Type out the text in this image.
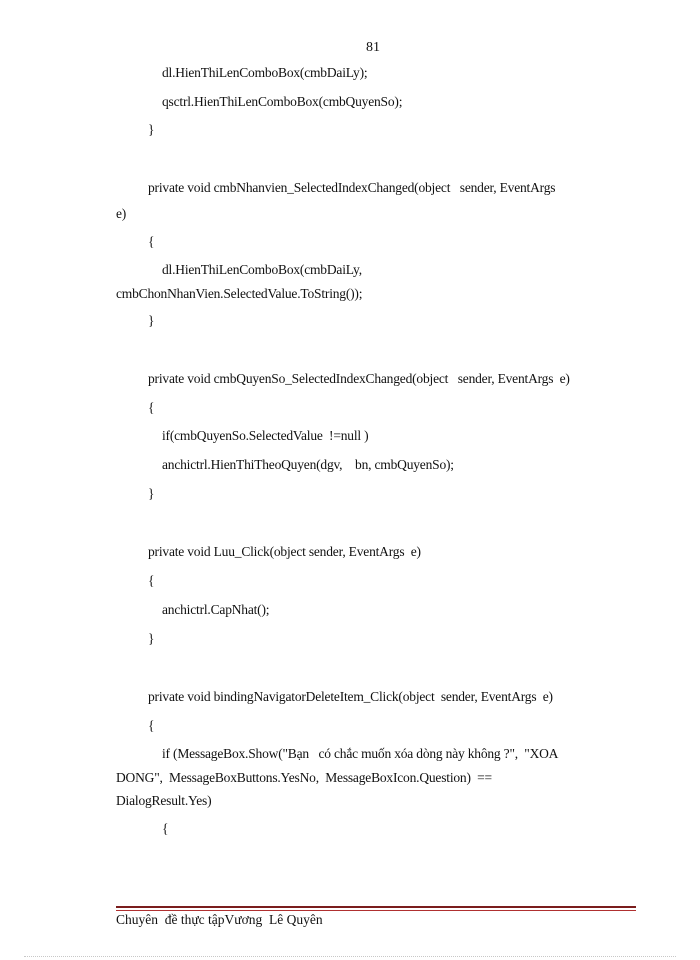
81
dl.HienThiLenComboBox(cmbDaiLy);
qsctrl.HienThiLenComboBox(cmbQuyenSo);
}
private void cmbNhanvien_SelectedIndexChanged(object   sender, EventArgs
e)
{
dl.HienThiLenComboBox(cmbDaiLy,
cmbChonNhanVien.SelectedValue.ToString());
}
private void cmbQuyenSo_SelectedIndexChanged(object   sender, EventArgs  e)
{
if(cmbQuyenSo.SelectedValue  !=null )
anchictrl.HienThiTheoQuyen(dgv,    bn, cmbQuyenSo);
}
private void Luu_Click(object sender, EventArgs  e)
{
anchictrl.CapNhat();
}
private void bindingNavigatorDeleteItem_Click(object  sender, EventArgs  e)
{
if (MessageBox.Show("Bạn   có chắc muốn xóa dòng này không ?",  "XOA
DONG",  MessageBoxButtons.YesNo,  MessageBoxIcon.Question)  ==
DialogResult.Yes)
{
Chuyên  đề thực tậpVương  Lê Quyên
